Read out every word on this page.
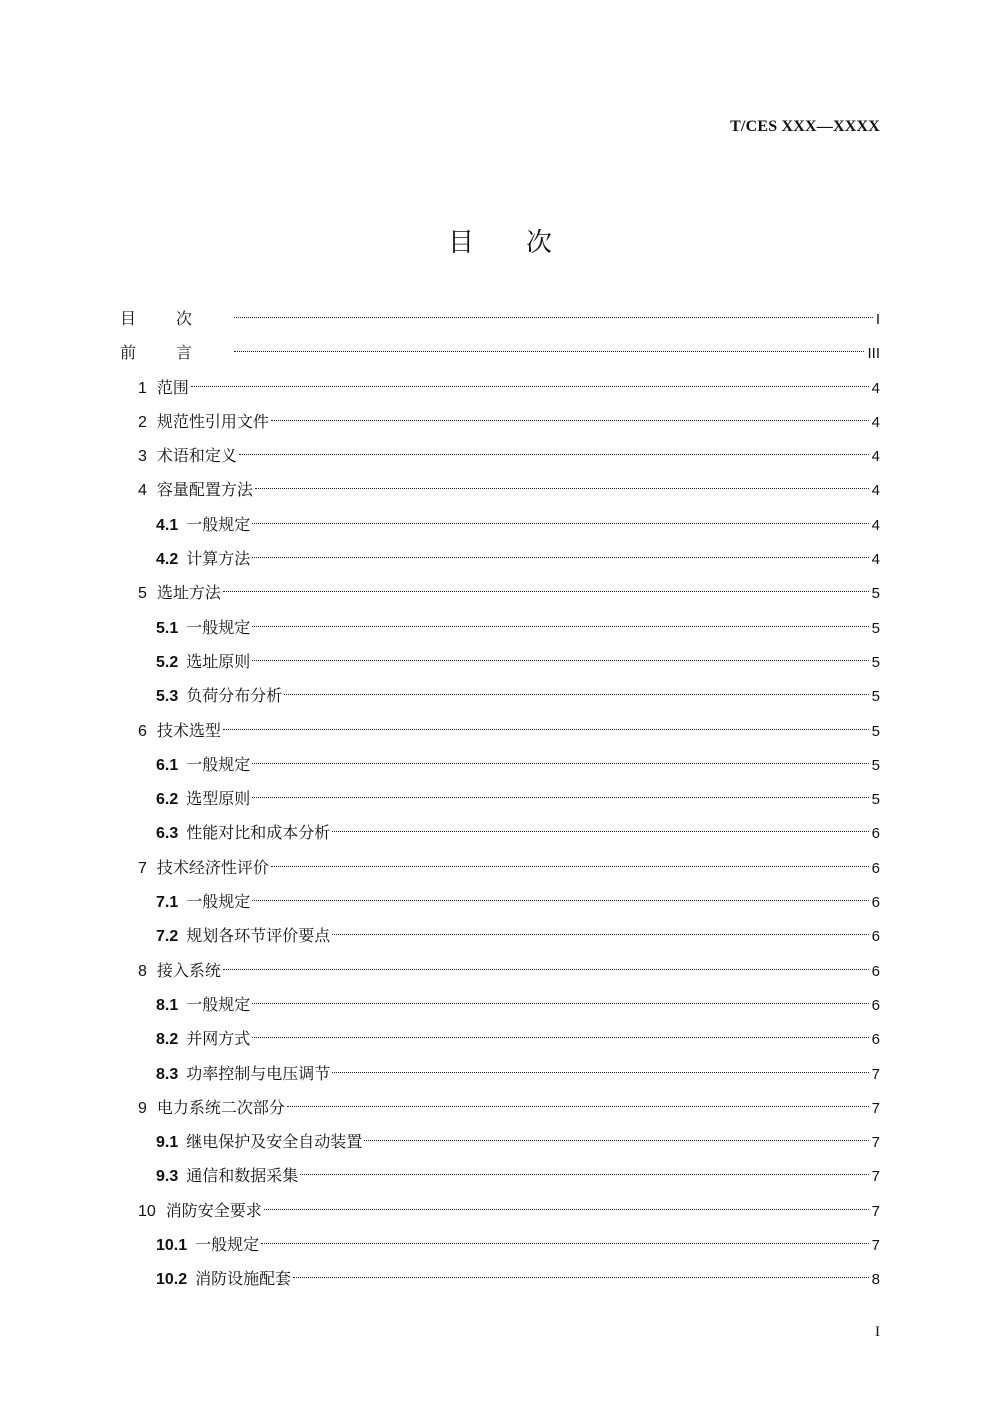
T/CES XXX—XXXX
目次
目次	I
前言	III
1 范围	4
2 规范性引用文件	4
3 术语和定义	4
4 容量配置方法	4
4.1 一般规定	4
4.2 计算方法	4
5 选址方法	5
5.1 一般规定	5
5.2 选址原则	5
5.3 负荷分布分析	5
6 技术选型	5
6.1 一般规定	5
6.2 选型原则	5
6.3 性能对比和成本分析	6
7 技术经济性评价	6
7.1 一般规定	6
7.2 规划各环节评价要点	6
8 接入系统	6
8.1 一般规定	6
8.2 并网方式	6
8.3 功率控制与电压调节	7
9 电力系统二次部分	7
9.1 继电保护及安全自动装置	7
9.3 通信和数据采集	7
10 消防安全要求	7
10.1 一般规定	7
10.2 消防设施配套	8
I
